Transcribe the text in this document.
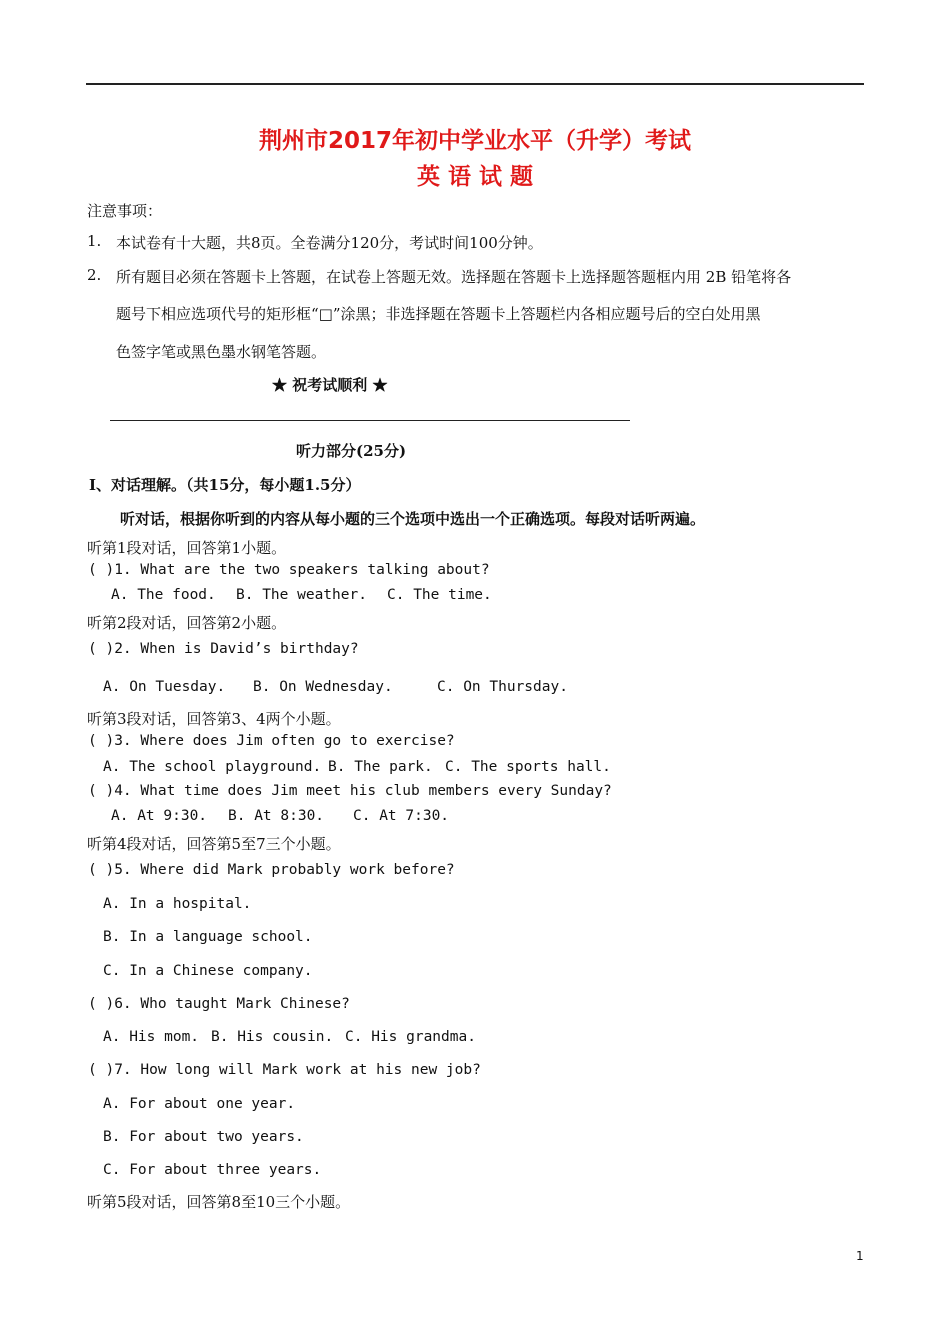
荆州市2017年初中学业水平（升学）考试
英 语 试 题
注意事项：
1. 本试卷有十大题，共8页。全卷满分120分，考试时间100分钟。
2. 所有题目必须在答题卡上答题，在试卷上答题无效。选择题在答题卡上选择题答题框内用 2B 铅笔将各
题号下相应选项代号的矩形框“□”涂黑；非选择题在答题卡上答题栏内各相应题号后的空白处用黑
色签字笔或黑色墨水钢笔答题。
★ 祝考试顺利 ★
听力部分(25分)
Ⅰ、对话理解。（共15分，每小题1.5分）
听对话，根据你听到的内容从每小题的三个选项中选出一个正确选项。每段对话听两遍。
听第1段对话，回答第1小题。
( )1. What are the two speakers talking about?
A. The food. B. The weather. C. The time.
听第2段对话，回答第2小题。
( )2. When is David’s birthday?
A. On Tuesday. B. On Wednesday.	C. On Thursday.
听第3段对话，回答第3、4两个小题。
( )3. Where does Jim often go to exercise?
A. The school playground. B. The park. C. The sports hall.
( )4. What time does Jim meet his club members every Sunday?
A. At 9:30. B. At 8:30. C. At 7:30.
听第4段对话，回答第5至7三个小题。
( )5. Where did Mark probably work before?
A. In a hospital.
B. In a language school.
C. In a Chinese company.
( )6. Who taught Mark Chinese?
A. His mom. B. His cousin. C. His grandma.
( )7. How long will Mark work at his new job?
A. For about one year.
B. For about two years.
C. For about three years.
听第5段对话，回答第8至10三个小题。
1
